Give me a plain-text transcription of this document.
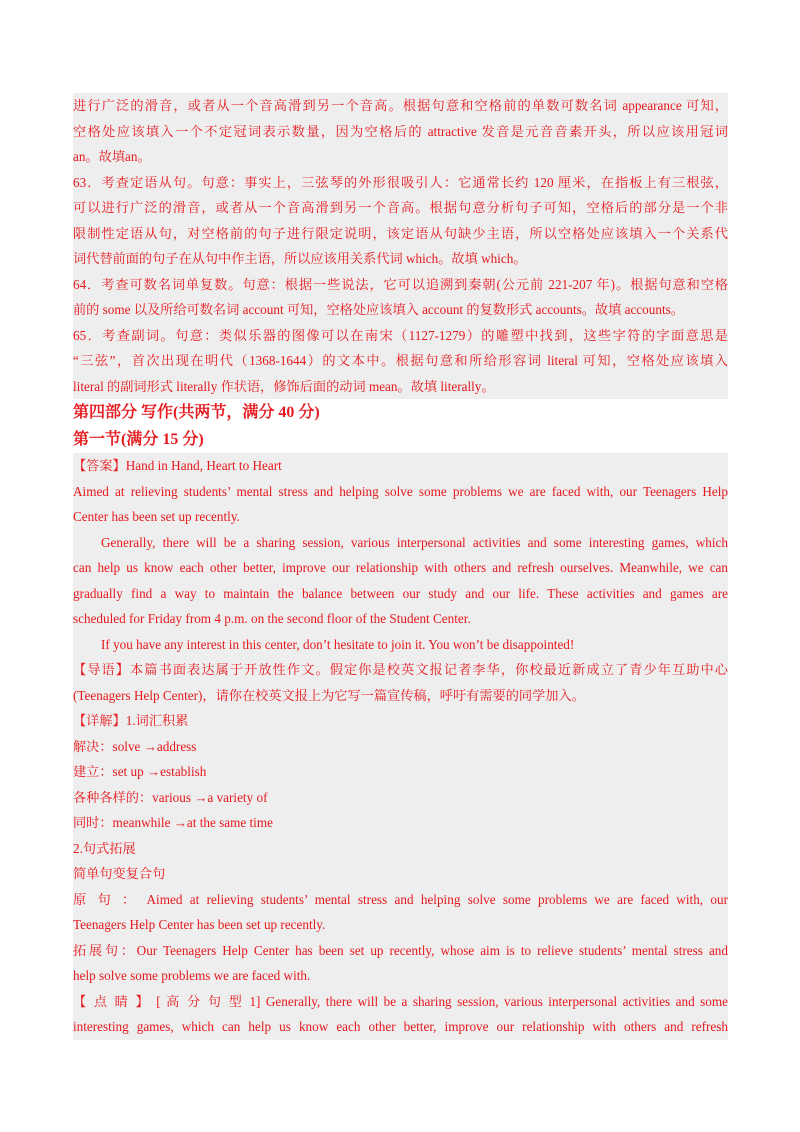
进行广泛的滑音，或者从一个音高滑到另一个音高。根据句意和空格前的单数可数名词 appearance 可知，

空格处应该填入一个不定冠词表示数量，因为空格后的 attractive 发音是元音音素开头，所以应该用冠词

an。故填an。

63．考查定语从句。句意：事实上，三弦琴的外形很吸引人：它通常长约 120 厘米，在指板上有三根弦，

可以进行广泛的滑音，或者从一个音高滑到另一个音高。根据句意分析句子可知，空格后的部分是一个非

限制性定语从句，对空格前的句子进行限定说明，该定语从句缺少主语，所以空格处应该填入一个关系代

词代替前面的句子在从句中作主语，所以应该用关系代词 which。故填 which。

64．考查可数名词单复数。句意：根据一些说法，它可以追溯到秦朝(公元前 221-207 年)。根据句意和空格

前的 some 以及所给可数名词 account 可知，空格处应该填入 account 的复数形式 accounts。故填 accounts。

65．考查副词。句意：类似乐器的图像可以在南宋（1127-1279）的雕塑中找到，这些字符的字面意思是

“三弦”，首次出现在明代（1368-1644）的文本中。根据句意和所给形容词 literal 可知，空格处应该填入

literal 的副词形式 literally 作状语，修饰后面的动词 mean。故填 literally。

第四部分 写作(共两节，满分 40 分)
第一节(满分 15 分)

【答案】Hand in Hand, Heart to Heart

Aimed at relieving students’ mental stress and helping solve some problems we are faced with, our Teenagers Help

Center has been set up recently.

Generally, there will be a sharing session, various interpersonal activities and some interesting games, which

can help us know each other better, improve our relationship with others and refresh ourselves. Meanwhile, we can

gradually find a way to maintain the balance between our study and our life. These activities and games are

scheduled for Friday from 4 p.m. on the second floor of the Student Center.

If you have any interest in this center, don’t hesitate to join it. You won’t be disappointed!

【导语】本篇书面表达属于开放性作文。假定你是校英文报记者李华，你校最近新成立了青少年互助中心

(Teenagers Help Center)，请你在校英文报上为它写一篇宣传稿，呼吁有需要的同学加入。

【详解】1.词汇积累

解决：solve →address

建立：set up →establish

各种各样的：various →a variety of

同时：meanwhile →at the same time

2.句式拓展

简单句变复合句

原 句 ： Aimed at relieving students’ mental stress and helping solve some problems we are faced with, our

Teenagers Help Center has been set up recently.

拓展句：Our Teenagers Help Center has been set up recently, whose aim is to relieve students’ mental stress and

help solve some problems we are faced with.

【 点 睛 】 [ 高 分 句 型 1] Generally, there will be a sharing session, various interpersonal activities and some

interesting games, which can help us know each other better, improve our relationship with others and refresh
